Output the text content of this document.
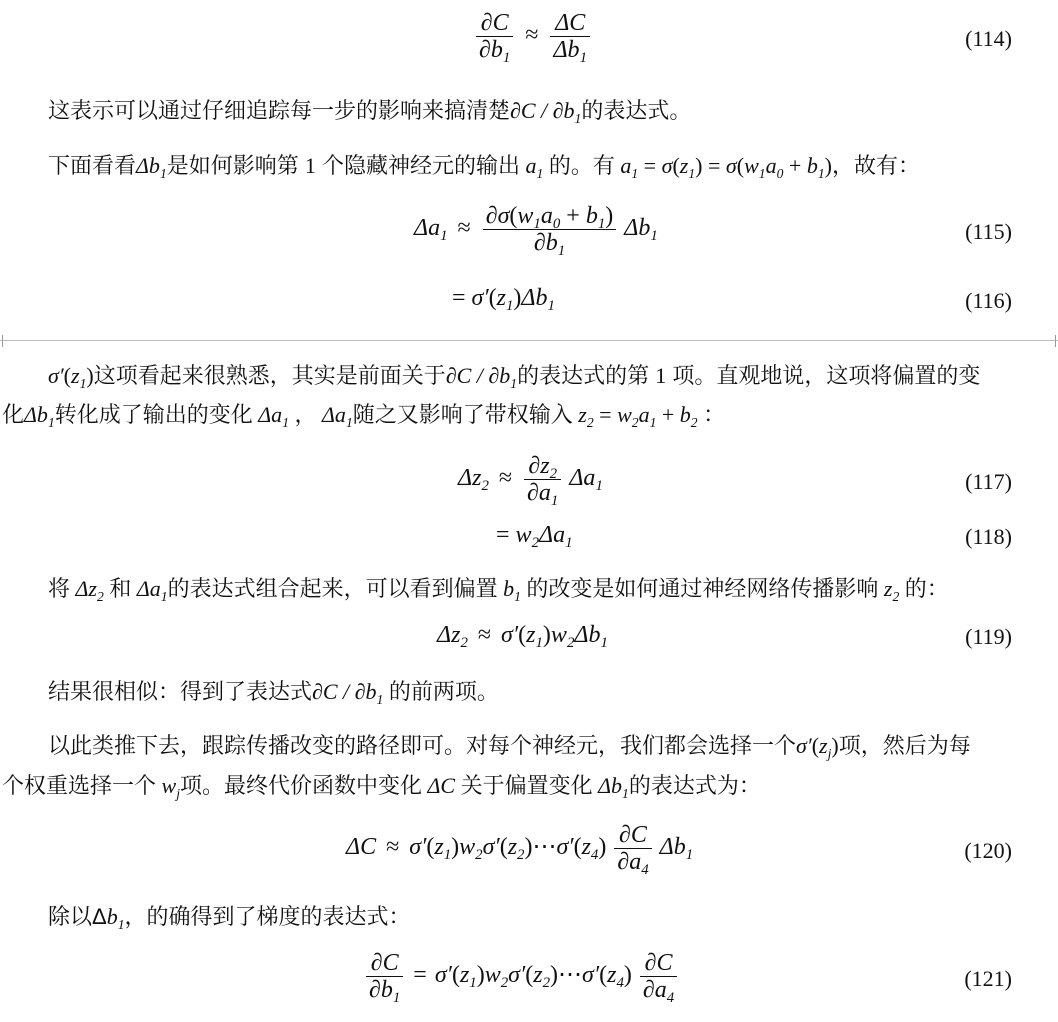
$\frac{\partial C}{\partial b_1} \approx \frac{\Delta C}{\Delta b_1}$	(114)
这表示可以通过仔细追踪每一步的影响来搞清楚$\partial C / \partial b_1$的表达式。
下面看看$\Delta b_1$是如何影响第 1 个隐藏神经元的输出 $a_1$ 的。有 $a_1 = \sigma(z_1) = \sigma(w_1a_0 + b_1)$，故有：
$\Delta a_1 \approx \frac{\partial\sigma(w_1a_0 + b_1)}{\partial b_1} \Delta b_1$	(115)
= $\sigma'(z_1)\Delta b_1$	(116)
$\sigma'(z_1)$这项看起来很熟悉，其实是前面关于$\partial C / \partial b_1$的表达式的第 1 项。直观地说，这项将偏置的变
化$\Delta b_1$转化成了输出的变化 $\Delta a_1$ ， $\Delta a_1$随之又影响了带权输入 $z_2 = w_2a_1 + b_2$ ：
$\Delta z_2 \approx \frac{\partial z_2}{\partial a_1} \Delta a_1$	(117)
= $w_2\Delta a_1$	(118)
将 $\Delta z_2$ 和 $\Delta a_1$的表达式组合起来，可以看到偏置 $b_1$ 的改变是如何通过神经网络传播影响 $z_2$ 的：
$\Delta z_2 \approx \sigma'(z_1)w_2\Delta b_1$	(119)
结果很相似：得到了表达式$\partial C / \partial b_1$ 的前两项。
以此类推下去，跟踪传播改变的路径即可。对每个神经元，我们都会选择一个$\sigma'(z_j)$项，然后为每
个权重选择一个 $w_j$项。最终代价函数中变化 ΔC 关于偏置变化 $\Delta b_1$的表达式为：
$\Delta C \approx \sigma'(z_1)w_2\sigma'(z_2)\cdots\sigma'(z_4) \frac{\partial C}{\partial a_4} \Delta b_1$	(120)
除以$\Delta b_1$，的确得到了梯度的表达式：
$\frac{\partial C}{\partial b_1}$ = $\sigma'(z_1)w_2\sigma'(z_2)\cdots\sigma'(z_4) \frac{\partial C}{\partial a_4}$	(121)
